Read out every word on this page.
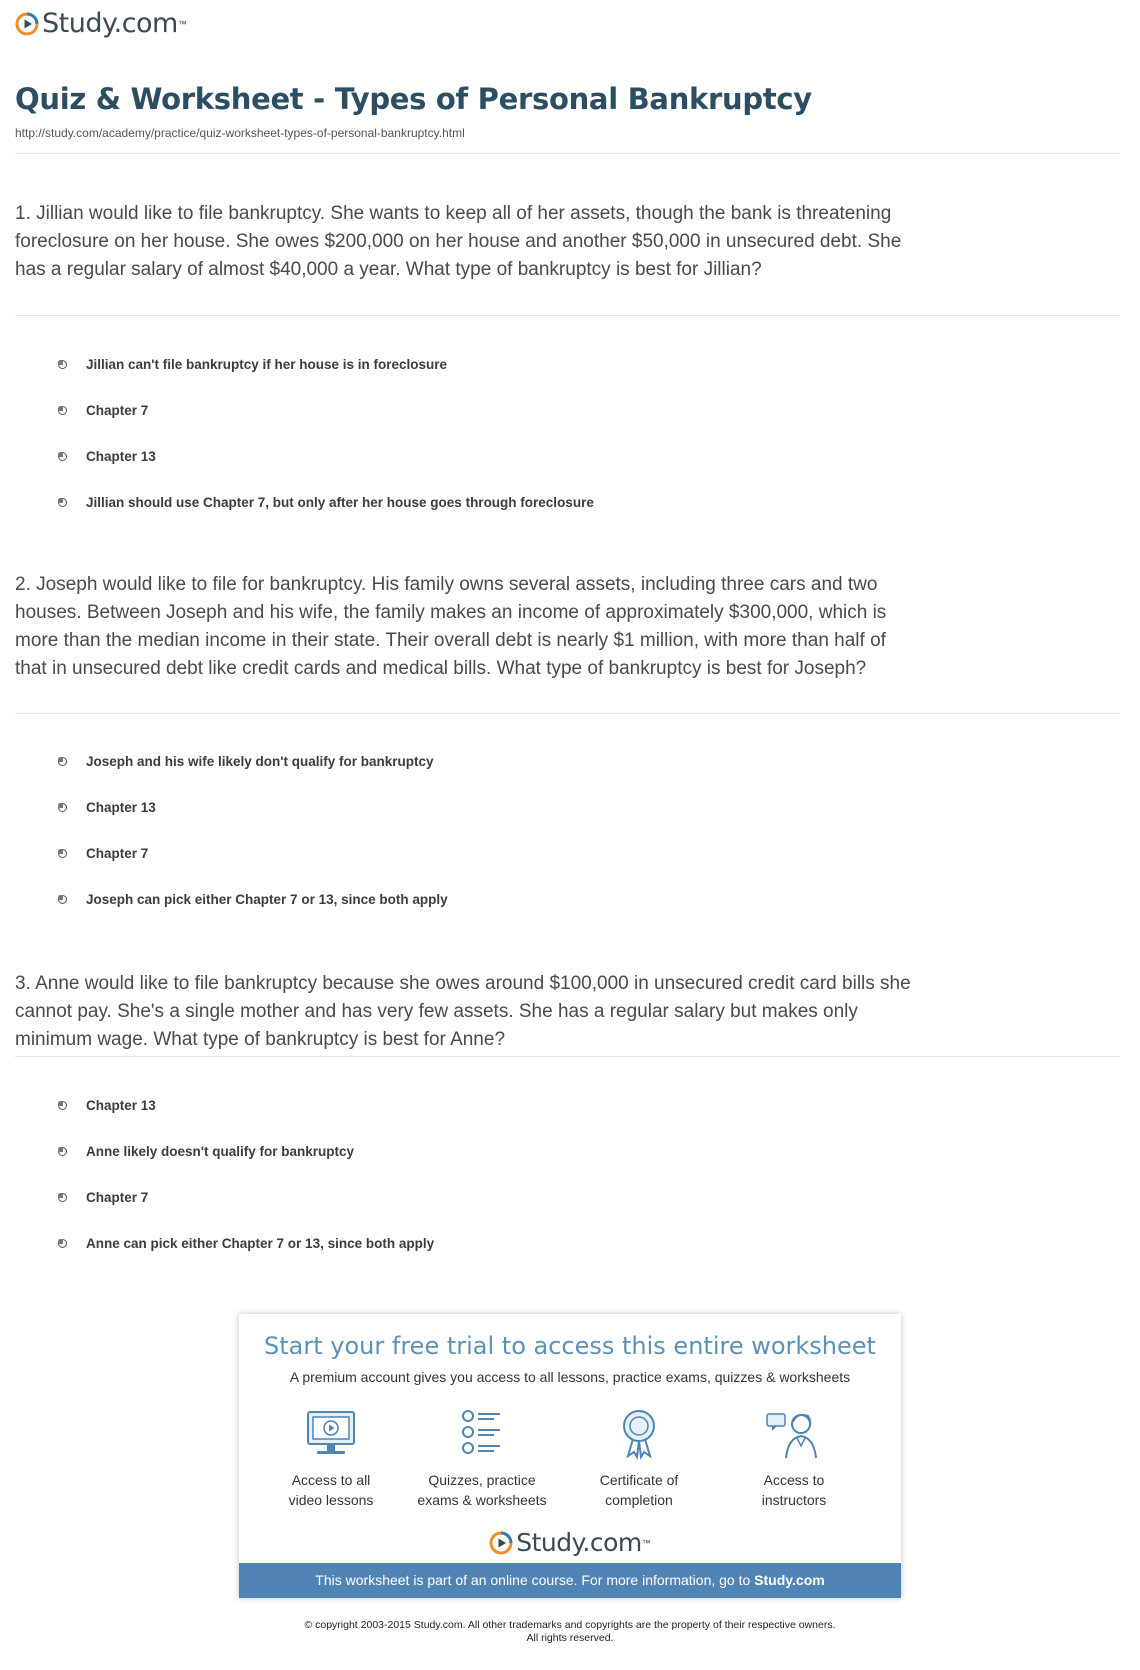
Study.com ™
Quiz & Worksheet - Types of Personal Bankruptcy
http://study.com/academy/practice/quiz-worksheet-types-of-personal-bankruptcy.html

1. Jillian would like to file bankruptcy. She wants to keep all of her assets, though the bank is threatening foreclosure on her house. She owes $200,000 on her house and another $50,000 in unsecured debt. She has a regular salary of almost $40,000 a year. What type of bankruptcy is best for Jillian?

Jillian can't file bankruptcy if her house is in foreclosure
Chapter 7
Chapter 13
Jillian should use Chapter 7, but only after her house goes through foreclosure

2. Joseph would like to file for bankruptcy. His family owns several assets, including three cars and two houses. Between Joseph and his wife, the family makes an income of approximately $300,000, which is more than the median income in their state. Their overall debt is nearly $1 million, with more than half of that in unsecured debt like credit cards and medical bills. What type of bankruptcy is best for Joseph?

Joseph and his wife likely don't qualify for bankruptcy
Chapter 13
Chapter 7
Joseph can pick either Chapter 7 or 13, since both apply

3. Anne would like to file bankruptcy because she owes around $100,000 in unsecured credit card bills she cannot pay. She's a single mother and has very few assets. She has a regular salary but makes only minimum wage. What type of bankruptcy is best for Anne?

Chapter 13
Anne likely doesn't qualify for bankruptcy
Chapter 7
Anne can pick either Chapter 7 or 13, since both apply
Start your free trial to access this entire worksheet
A premium account gives you access to all lessons, practice exams, quizzes & worksheets
Access to all
video lessons
Quizzes, practice
exams & worksheets
Certificate of
completion
Access to
instructors
Study.com ™
This worksheet is part of an online course. For more information, go to Study.com
© copyright 2003-2015 Study.com. All other trademarks and copyrights are the property of their respective owners.
All rights reserved.
